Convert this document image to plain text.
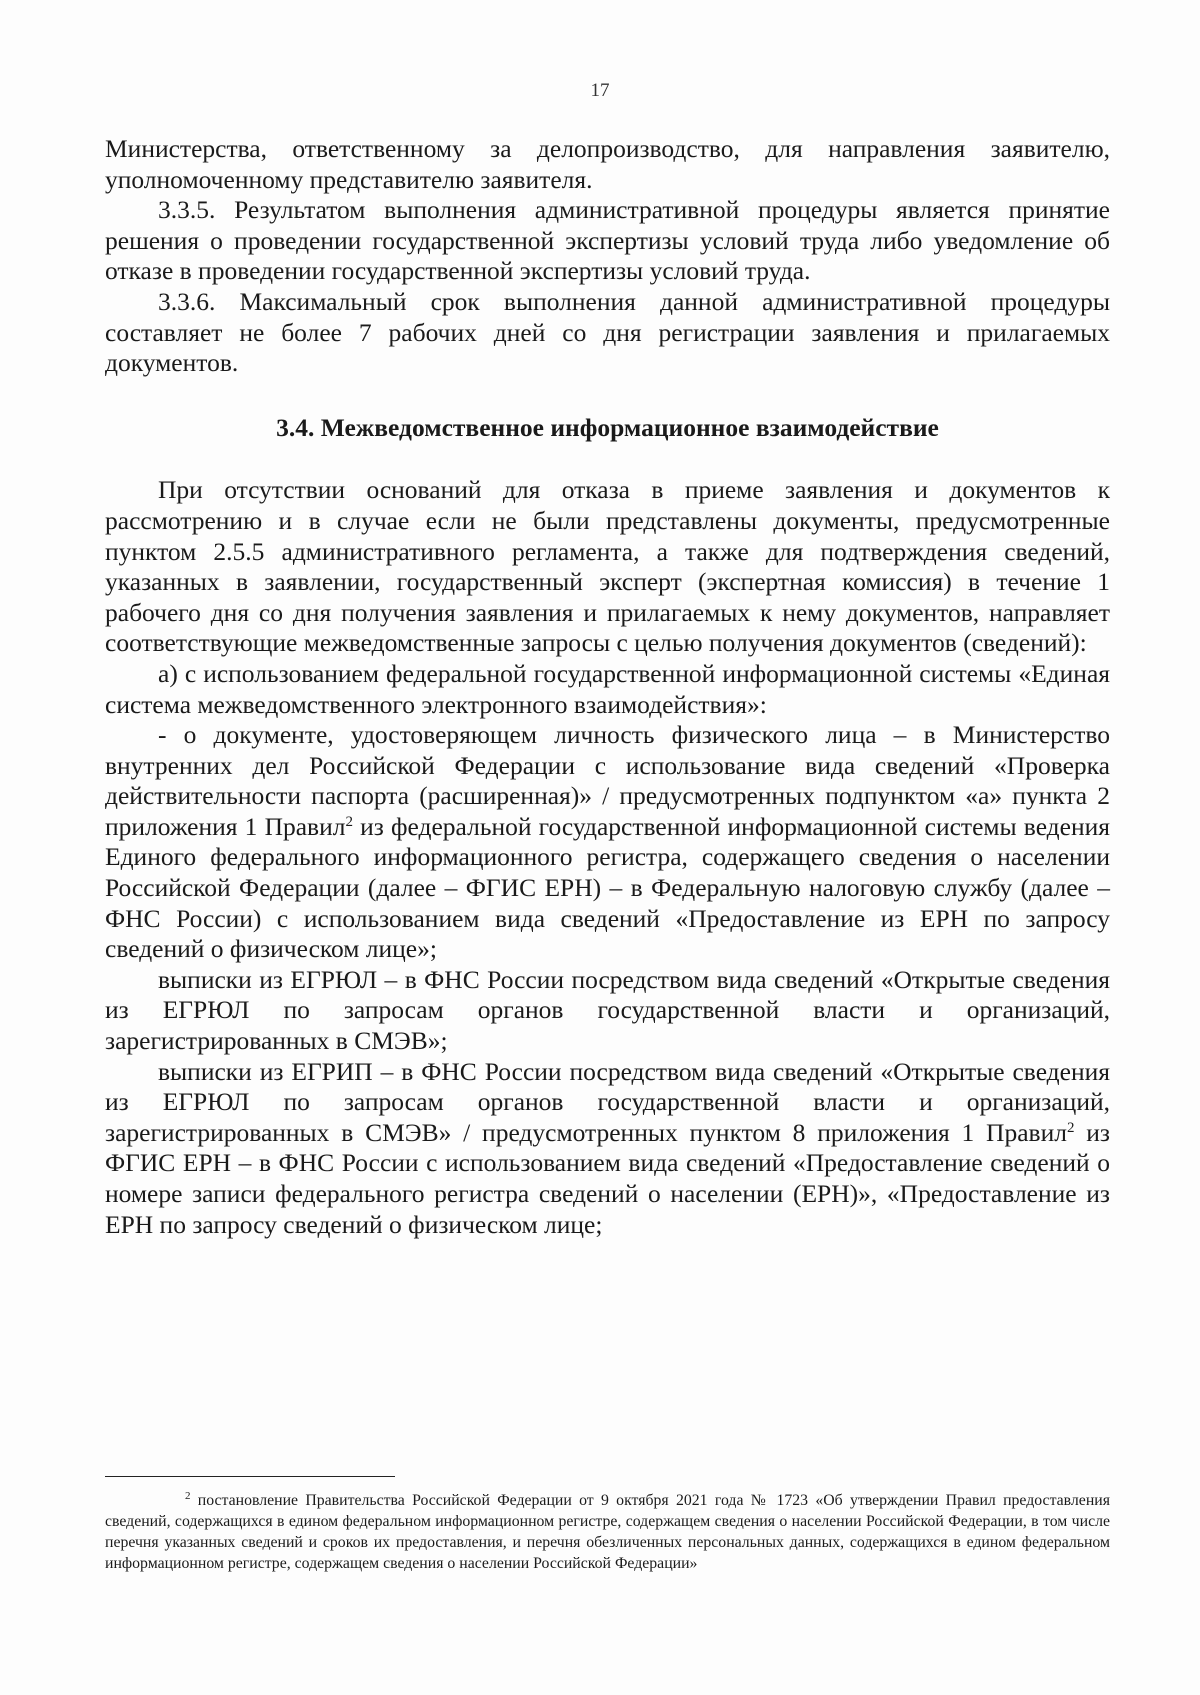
17

Министерства, ответственному за делопроизводство, для направления заявителю, уполномоченному представителю заявителя.

3.3.5. Результатом выполнения административной процедуры является принятие решения о проведении государственной экспертизы условий труда либо уведомление об отказе в проведении государственной экспертизы условий труда.

3.3.6. Максимальный срок выполнения данной административной процедуры составляет не более 7 рабочих дней со дня регистрации заявления и прилагаемых документов.

3.4. Межведомственное информационное взаимодействие

При отсутствии оснований для отказа в приеме заявления и документов к рассмотрению и в случае если не были представлены документы, предусмотренные пунктом 2.5.5 административного регламента, а также для подтверждения сведений, указанных в заявлении, государственный эксперт (экспертная комиссия) в течение 1 рабочего дня со дня получения заявления и прилагаемых к нему документов, направляет соответствующие межведомственные запросы с целью получения документов (сведений):

а) с использованием федеральной государственной информационной системы «Единая система межведомственного электронного взаимодействия»:

- о документе, удостоверяющем личность физического лица – в Министерство внутренних дел Российской Федерации с использование вида сведений «Проверка действительности паспорта (расширенная)» / предусмотренных подпунктом «а» пункта 2 приложения 1 Правил$^2$ из федеральной государственной информационной системы ведения Единого федерального информационного регистра, содержащего сведения о населении Российской Федерации (далее – ФГИС ЕРН) – в Федеральную налоговую службу (далее – ФНС России) с использованием вида сведений «Предоставление из ЕРН по запросу сведений о физическом лице»;

выписки из ЕГРЮЛ – в ФНС России посредством вида сведений «Открытые сведения из ЕГРЮЛ по запросам органов государственной власти и организаций, зарегистрированных в СМЭВ»;

выписки из ЕГРИП – в ФНС России посредством вида сведений «Открытые сведения из ЕГРЮЛ по запросам органов государственной власти и организаций, зарегистрированных в СМЭВ» / предусмотренных пунктом 8 приложения 1 Правил$^2$ из ФГИС ЕРН – в ФНС России с использованием вида сведений «Предоставление сведений о номере записи федерального регистра сведений о населении (ЕРН)», «Предоставление из ЕРН по запросу сведений о физическом лице;

$^2$ постановление Правительства Российской Федерации от 9 октября 2021 года № 1723 «Об утверждении Правил предоставления сведений, содержащихся в едином федеральном информационном регистре, содержащем сведения о населении Российской Федерации, в том числе перечня указанных сведений и сроков их предоставления, и перечня обезличенных персональных данных, содержащихся в едином федеральном информационном регистре, содержащем сведения о населении Российской Федерации»
